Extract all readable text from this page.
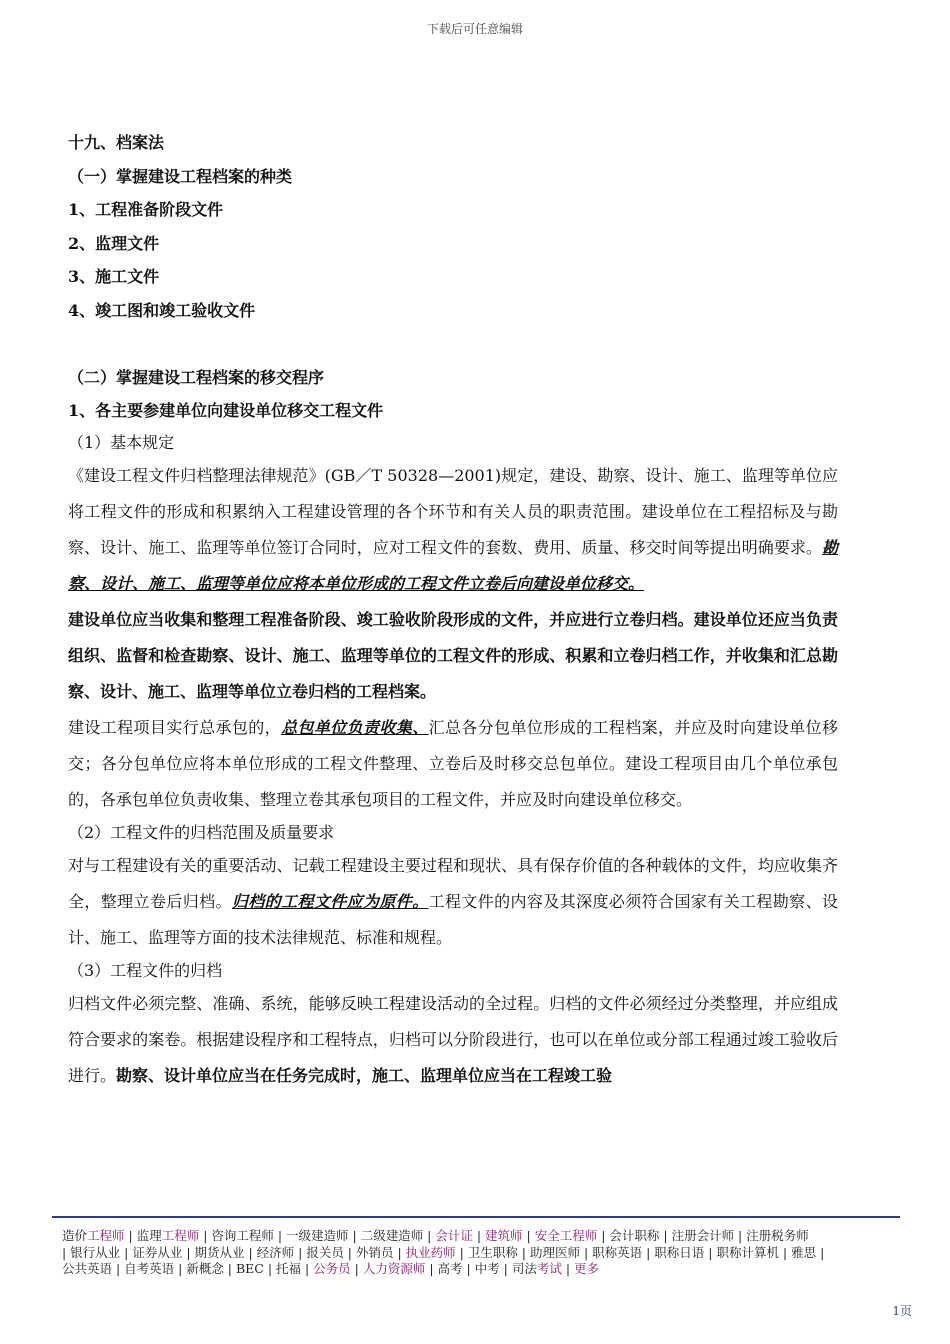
下载后可任意编辑
十九、档案法
（一）掌握建设工程档案的种类
1、工程准备阶段文件
2、监理文件
3、施工文件
4、竣工图和竣工验收文件
（二）掌握建设工程档案的移交程序
1、各主要参建单位向建设单位移交工程文件
（1）基本规定

《建设工程文件归档整理法律规范》(GB／T 50328—2001)规定，建设、勘察、设计、施工、监理等单位应将工程文件的形成和积累纳入工程建设管理的各个环节和有关人员的职责范围。建设单位在工程招标及与勘察、设计、施工、监理等单位签订合同时，应对工程文件的套数、费用、质量、移交时间等提出明确要求。勘察、设计、施工、监理等单位应将本单位形成的工程文件立卷后向建设单位移交。

建设单位应当收集和整理工程准备阶段、竣工验收阶段形成的文件，并应进行立卷归档。建设单位还应当负责组织、监督和检查勘察、设计、施工、监理等单位的工程文件的形成、积累和立卷归档工作，并收集和汇总勘察、设计、施工、监理等单位立卷归档的工程档案。

建设工程项目实行总承包的，总包单位负责收集、汇总各分包单位形成的工程档案，并应及时向建设单位移交；各分包单位应将本单位形成的工程文件整理、立卷后及时移交总包单位。建设工程项目由几个单位承包的，各承包单位负责收集、整理立卷其承包项目的工程文件，并应及时向建设单位移交。

（2）工程文件的归档范围及质量要求

对与工程建设有关的重要活动、记载工程建设主要过程和现状、具有保存价值的各种载体的文件，均应收集齐全，整理立卷后归档。归档的工程文件应为原件。工程文件的内容及其深度必须符合国家有关工程勘察、设计、施工、监理等方面的技术法律规范、标准和规程。

（3）工程文件的归档

归档文件必须完整、准确、系统，能够反映工程建设活动的全过程。归档的文件必须经过分类整理，并应组成符合要求的案卷。根据建设程序和工程特点，归档可以分阶段进行，也可以在单位或分部工程通过竣工验收后进行。勘察、设计单位应当在任务完成时，施工、监理单位应当在工程竣工验

造价工程师 | 监理工程师 | 咨询工程师 | 一级建造师 | 二级建造师 | 会计证 | 建筑师 | 安全工程师 | 会计职称 | 注册会计师 | 注册税务师
| 银行从业 | 证券从业 | 期货从业 | 经济师 | 报关员 | 外销员 | 执业药师 | 卫生职称 | 助理医师 | 职称英语 | 职称日语 | 职称计算机 | 雅思 |
公共英语 | 自考英语 | 新概念 | BEC | 托福 | 公务员 | 人力资源师 | 高考 | 中考 | 司法考试 | 更多
1页
